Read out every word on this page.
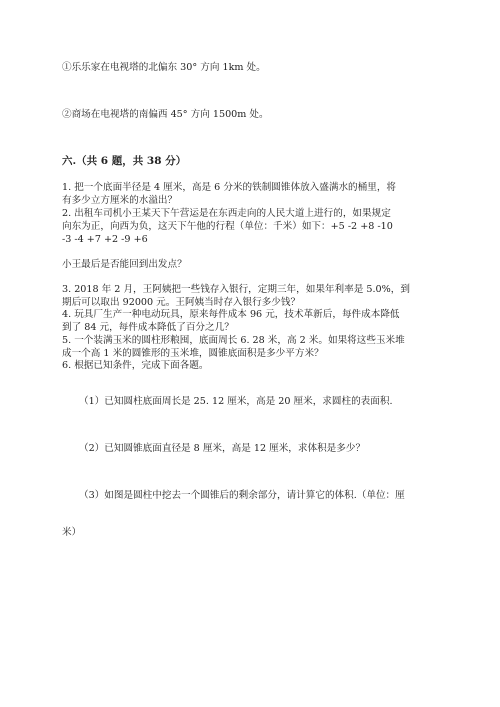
①乐乐家在电视塔的北偏东 30° 方向 1km 处。
②商场在电视塔的南偏西 45° 方向 1500m 处。
六.（共 6 题，共 38 分）
1. 把一个底面半径是 4 厘米，高是 6 分米的铁制圆锥体放入盛满水的桶里，将
有多少立方厘米的水溢出？
2. 出租车司机小王某天下午营运是在东西走向的人民大道上进行的，如果规定
向东为正，向西为负，这天下午他的行程（单位：千米）如下：+5 -2 +8 -10
-3 -4 +7 +2 -9 +6
小王最后是否能回到出发点？
3. 2018 年 2 月，王阿姨把一些钱存入银行，定期三年，如果年利率是 5.0%，到
期后可以取出 92000 元。王阿姨当时存入银行多少钱？
4. 玩具厂生产一种电动玩具，原来每件成本 96 元，技术革新后，每件成本降低
到了 84 元，每件成本降低了百分之几？
5. 一个装满玉米的圆柱形粮囤，底面周长 6. 28 米，高 2 米。如果将这些玉米堆
成一个高 1 米的圆锥形的玉米堆，圆锥底面积是多少平方米？
6. 根据已知条件，完成下面各题。
（1）已知圆柱底面周长是 25. 12 厘米，高是 20 厘米，求圆柱的表面积.
（2）已知圆锥底面直径是 8 厘米，高是 12 厘米，求体积是多少？
（3）如图是圆柱中挖去一个圆锥后的剩余部分，请计算它的体积.（单位：厘
米）
